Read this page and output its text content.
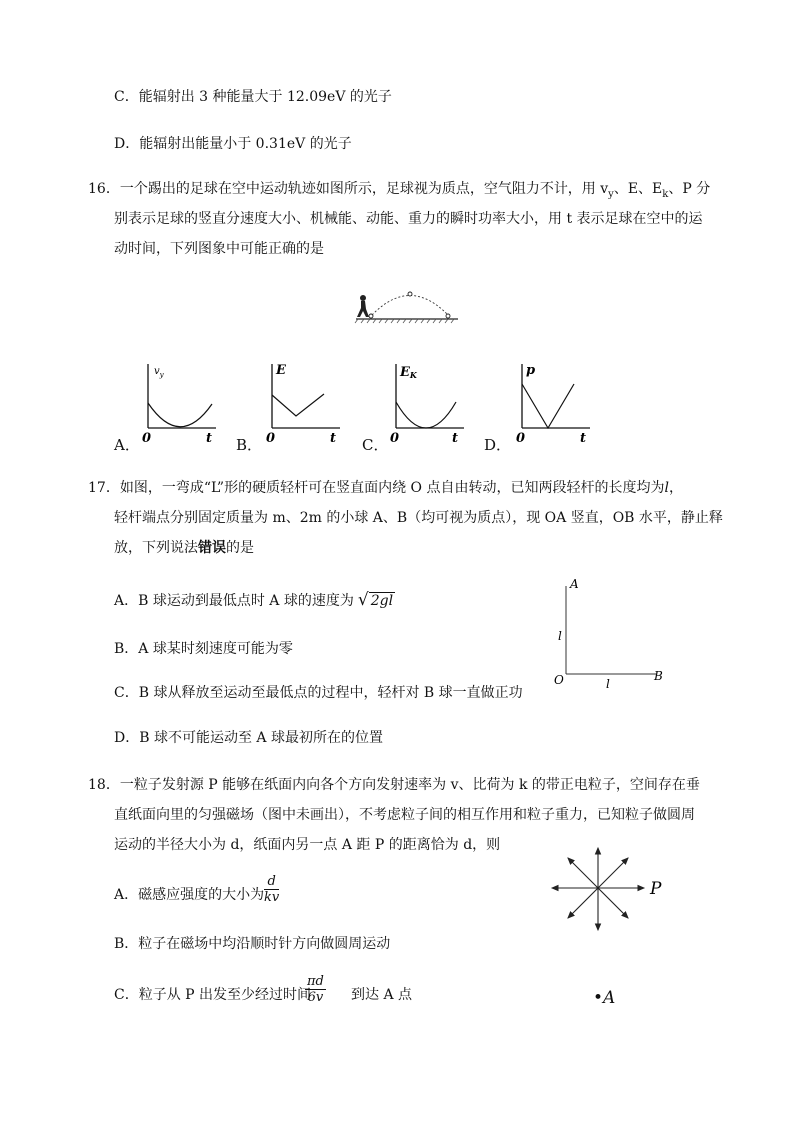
C．能辐射出 3 种能量大于 12.09eV 的光子
D．能辐射出能量小于 0.31eV 的光子
16．一个踢出的足球在空中运动轨迹如图所示，足球视为质点，空气阻力不计，用 $v_y$、E、$E_k$、P 分
别表示足球的竖直分速度大小、机械能、动能、重力的瞬时功率大小，用 t 表示足球在空中的运
动时间，下列图象中可能正确的是
A．
$v_y$
0	t B．
E
0	t C．
EK
0	t D．
p
0	t
17．如图，一弯成“L”形的硬质轻杆可在竖直面内绕 O 点自由转动，已知两段轻杆的长度均为l，
轻杆端点分别固定质量为 m、2m 的小球 A、B（均可视为质点），现 OA 竖直，OB 水平，静止释
放，下列说法错误的是
A．B 球运动到最低点时 A 球的速度为 √ 2gl
B．A 球某时刻速度可能为零
C．B 球从释放至运动至最低点的过程中，轻杆对 B 球一直做正功
D．B 球不可能运动至 A 球最初所在的位置
A
l
O	l
B
18．一粒子发射源 P 能够在纸面内向各个方向发射速率为 v、比荷为 k 的带正电粒子，空间存在垂
直纸面向里的匀强磁场（图中未画出），不考虑粒子间的相互作用和粒子重力，已知粒子做圆周
运动的半径大小为 d，纸面内另一点 A 距 P 的距离恰为 d，则
A．磁感应强度的大小为 $\frac{d}{kv}$
B．粒子在磁场中均沿顺时针方向做圆周运动
C．粒子从 P 出发至少经过时间	到达 A 点
$\frac{\pi d}{6v}$
P
•A
